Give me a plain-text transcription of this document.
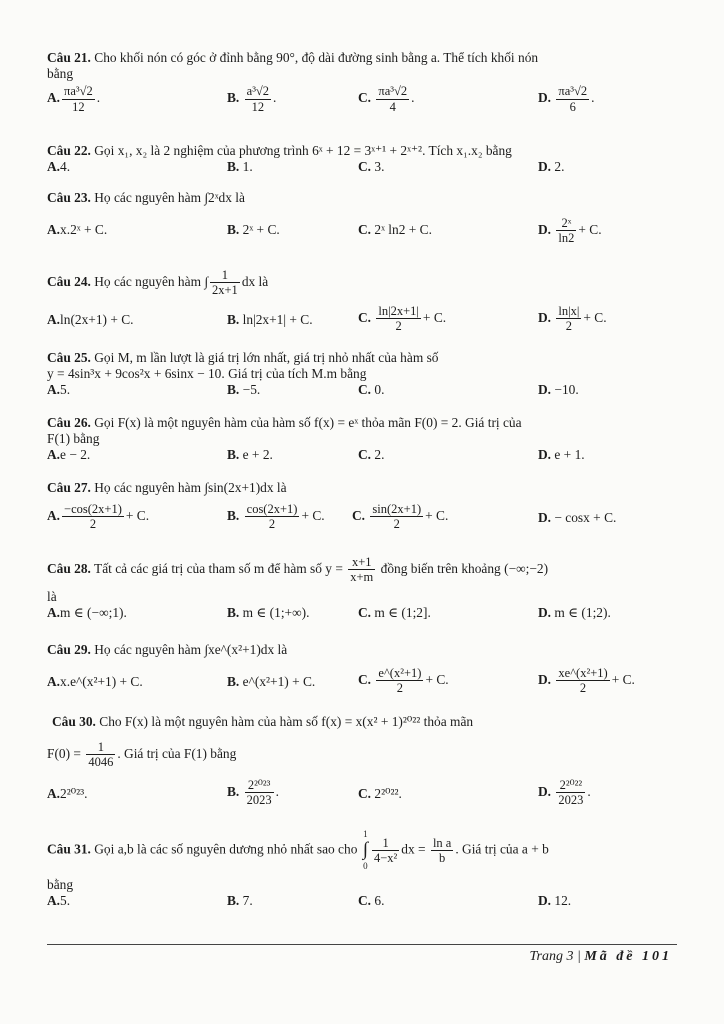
Câu 21. Cho khối nón có góc ở đỉnh bằng 90°, độ dài đường sinh bằng a. Thể tích khối nón
bằng
A. $\frac{\text{πa³√2}}{12}$ .	B. $\frac{\text{a³√2}}{12}$ .	C. $\frac{\text{πa³√2}}{4}$ .	D. $\frac{\text{πa³√2}}{6}$ .
Câu 22. Gọi x₁, x₂ là 2 nghiệm của phương trình 6ˣ + 12 = 3ˣ⁺¹ + 2ˣ⁺². Tích x₁.x₂ bằng
A.4.	B. 1.	C. 3.	D. 2.
Câu 23. Họ các nguyên hàm ∫2ˣdx là
A.x.2ˣ + C.	B. 2ˣ + C.	C. 2ˣ ln2 + C.	D. $\frac{\text{2ˣ}}{\ln 2} + C$.
Câu 24. Họ các nguyên hàm ∫ $\frac{1}{2x+1}$ dx là
A.ln(2x+1) + C.	B. ln|2x+1| + C.	C. $\frac{\ln|2x+1|}{2} + C$.	D. $\frac{\ln|x|}{2} + C$.
Câu 25. Gọi M, m lần lượt là giá trị lớn nhất, giá trị nhỏ nhất của hàm số
y = 4sin³x + 9cos²x + 6sinx − 10. Giá trị của tích M.m bằng
A.5.	B. −5.	C. 0.	D. −10.
Câu 26. Gọi F(x) là một nguyên hàm của hàm số f(x) = eˣ thỏa mãn F(0) = 2. Giá trị của
F(1) bằng
A.e − 2.	B. e + 2.	C. 2.	D. e + 1.
Câu 27. Họ các nguyên hàm ∫sin(2x+1)dx là
A. $\frac{-\cos(2x+1)}{2} + C$.	B. $\frac{\cos(2x+1)}{2} + C$. C. $\frac{\sin(2x+1)}{2} + C$.	D. − cosx + C.
Câu 28. Tất cả các giá trị của tham số m để hàm số $y = \frac{x+1}{x+m}$ đồng biến trên khoảng (−∞;−2)
là
A.m ∈ (−∞;1).	B. m ∈ (1;+∞).	C. m ∈ (1;2].	D. m ∈ (1;2).
Câu 29. Họ các nguyên hàm ∫xe^(x²+1)dx là
A.x.e^(x²+1) + C.	B. e^(x²+1) + C.	C. $\frac{\text{e\textasciicircum{}(x²+1)}}{2} + C$.	D. $\frac{\text{xe\textasciicircum{}(x²+1)}}{2} + C$.
Câu 30. Cho F(x) là một nguyên hàm của hàm số f(x) = x(x² + 1)²⁰²² thỏa mãn
$F(0) = \frac{1}{4046}$ . Giá trị của F(1) bằng
A.2²⁰²³.	B. $\frac{\text{2²⁰²³}}{2023}$ .	C. 2²⁰²².	D. $\frac{\text{2²⁰²²}}{2023}$ .
Câu 31. Gọi a,b là các số nguyên dương nhỏ nhất sao cho
1
∫
0
$\frac{1}{\text{4−x²}}$ dx = $\frac{\text{ln a}}{b}$ . Giá trị của a + b
bằng
A.5.	B. 7.	C. 6.	D. 12.
Trang 3 | Mã đề 101
